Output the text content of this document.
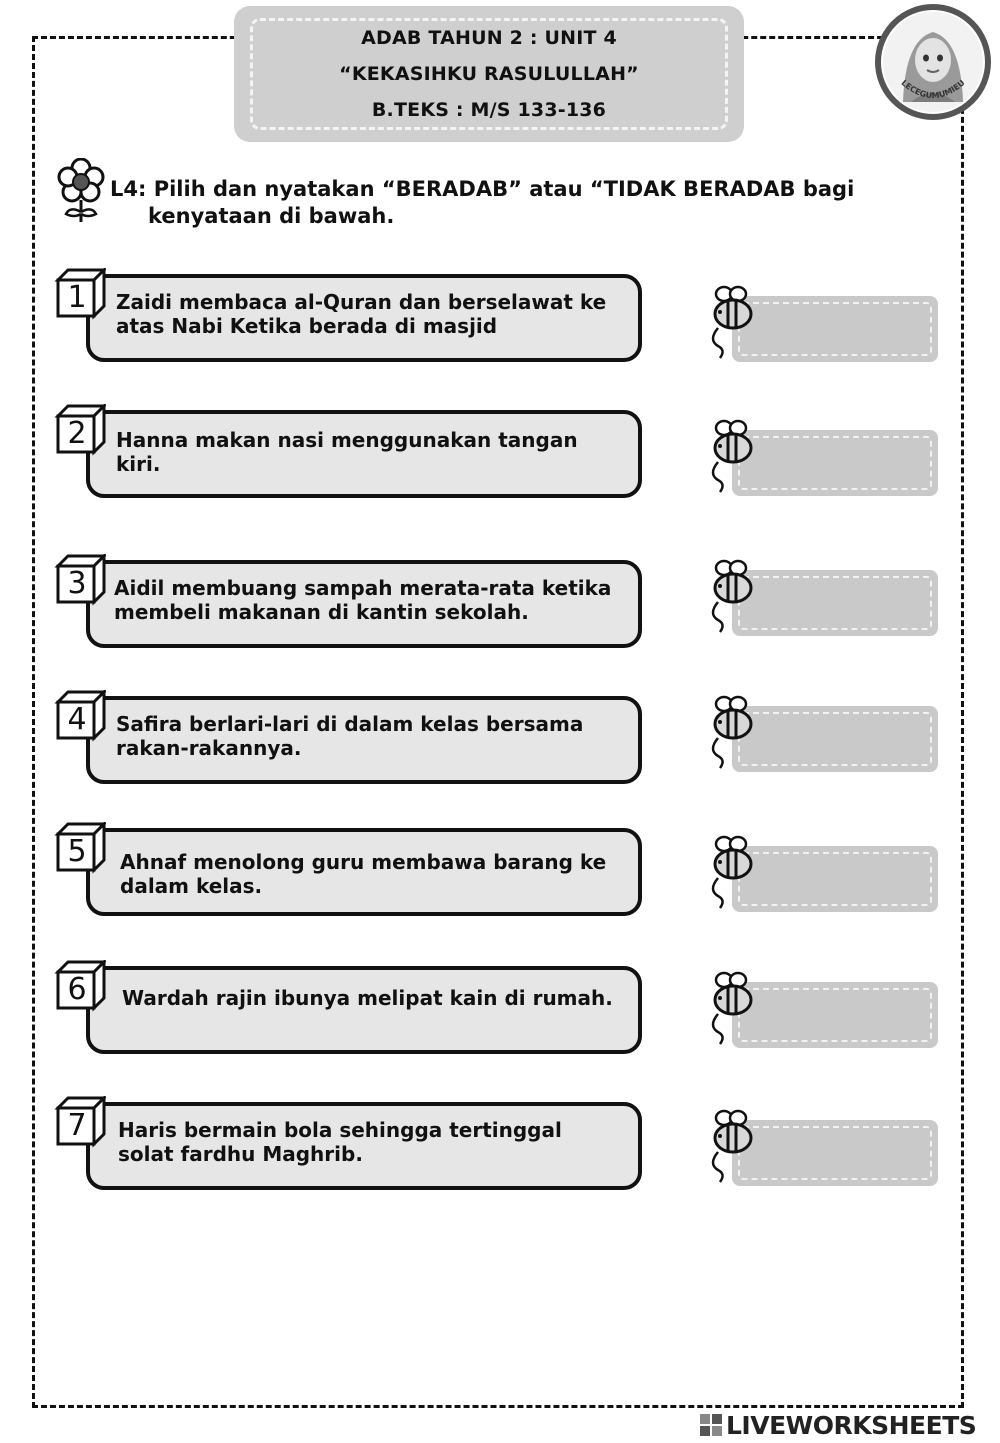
ADAB TAHUN 2 : UNIT 4
“KEKASIHKU RASULULLAH”
B.TEKS : M/S 133-136
LECEGUMUMIEU
L4: Pilih dan nyatakan “BERADAB” atau “TIDAK BERADAB bagi
kenyataan di bawah.
1	Zaidi membaca al-Quran dan berselawat ke atas Nabi Ketika berada di masjid
2	Hanna makan nasi menggunakan tangan kiri.
3	Aidil membuang sampah merata-rata ketika membeli makanan di kantin sekolah.
4	Safira berlari-lari di dalam kelas bersama rakan-rakannya.
5	Ahnaf menolong guru membawa barang ke dalam kelas.
6	Wardah rajin ibunya melipat kain di rumah.
7	Haris bermain bola sehingga tertinggal solat fardhu Maghrib.
LIVEWORKSHEETS
